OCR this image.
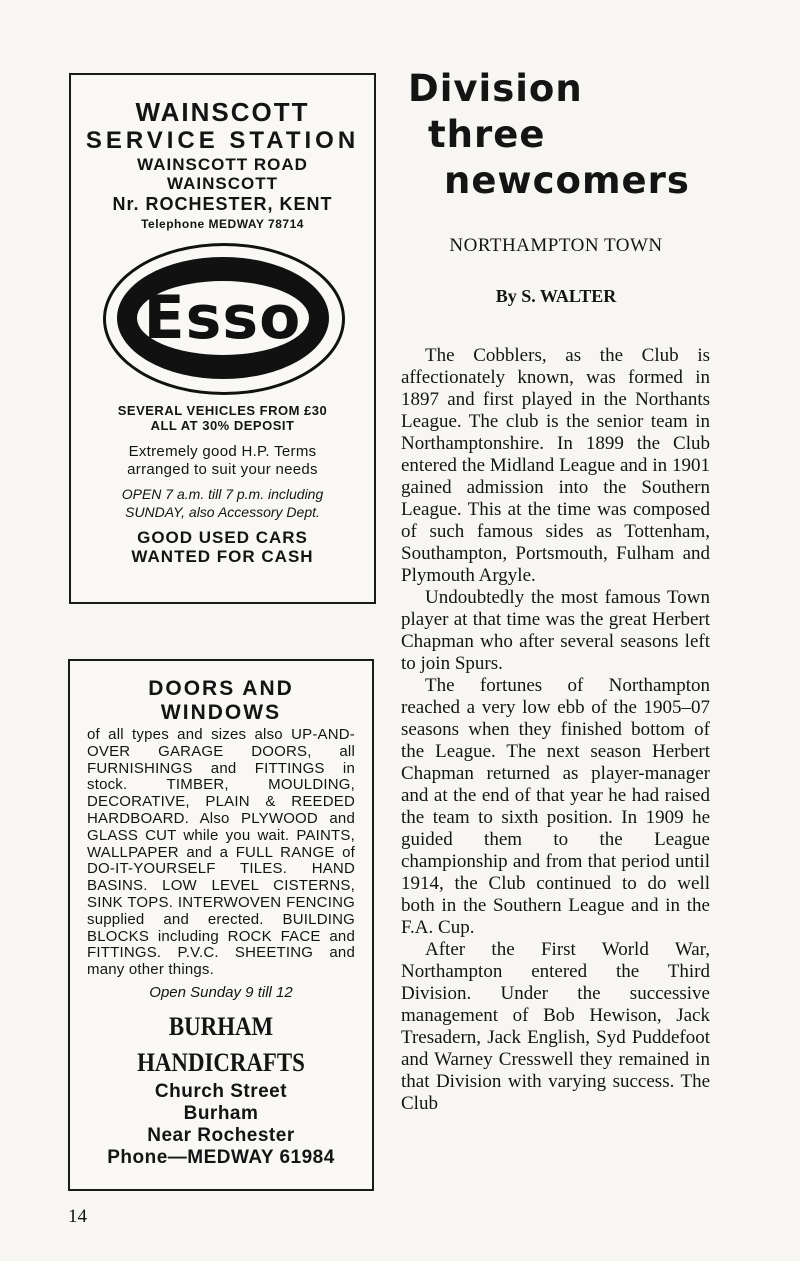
WAINSCOTT
SERVICE STATION
WAINSCOTT ROAD
WAINSCOTT
Nr. ROCHESTER, KENT
Telephone MEDWAY 78714
Esso
SEVERAL VEHICLES FROM £30
ALL AT 30% DEPOSIT
Extremely good H.P. Terms
arranged to suit your needs
OPEN 7 a.m. till 7 p.m. including
SUNDAY, also Accessory Dept.
GOOD USED CARS
WANTED FOR CASH
DOORS AND
WINDOWS
of all types and sizes also UP-AND-OVER GARAGE DOORS, all FURNISHINGS and FITTINGS in stock. TIMBER, MOULDING, DECORATIVE, PLAIN & REEDED HARDBOARD. Also PLYWOOD and GLASS CUT while you wait. PAINTS, WALLPAPER and a FULL RANGE of DO-IT-YOURSELF TILES. HAND BASINS. LOW LEVEL CISTERNS, SINK TOPS. INTERWOVEN FENCING supplied and erected. BUILDING BLOCKS including ROCK FACE and FITTINGS. P.V.C. SHEETING and many other things.
Open Sunday 9 till 12
BURHAM HANDICRAFTS
Church Street
Burham
Near Rochester
Phone—MEDWAY 61984
Division
three
newcomers
NORTHAMPTON TOWN
By S. WALTER

The Cobblers, as the Club is affectionately known, was formed in 1897 and first played in the Northants League. The club is the senior team in Northamptonshire. In 1899 the Club entered the Midland League and in 1901 gained admission into the Southern League. This at the time was composed of such famous sides as Tottenham, Southampton, Portsmouth, Fulham and Plymouth Argyle.

Undoubtedly the most famous Town player at that time was the great Herbert Chapman who after several seasons left to join Spurs.

The fortunes of Northampton reached a very low ebb of the 1905–07 seasons when they finished bottom of the League. The next season Herbert Chapman returned as player-manager and at the end of that year he had raised the team to sixth position. In 1909 he guided them to the League championship and from that period until 1914, the Club continued to do well both in the Southern League and in the F.A. Cup.

After the First World War, Northampton entered the Third Division. Under the successive management of Bob Hewison, Jack Tresadern, Jack English, Syd Puddefoot and Warney Cresswell they remained in that Division with varying success. The Club

14
